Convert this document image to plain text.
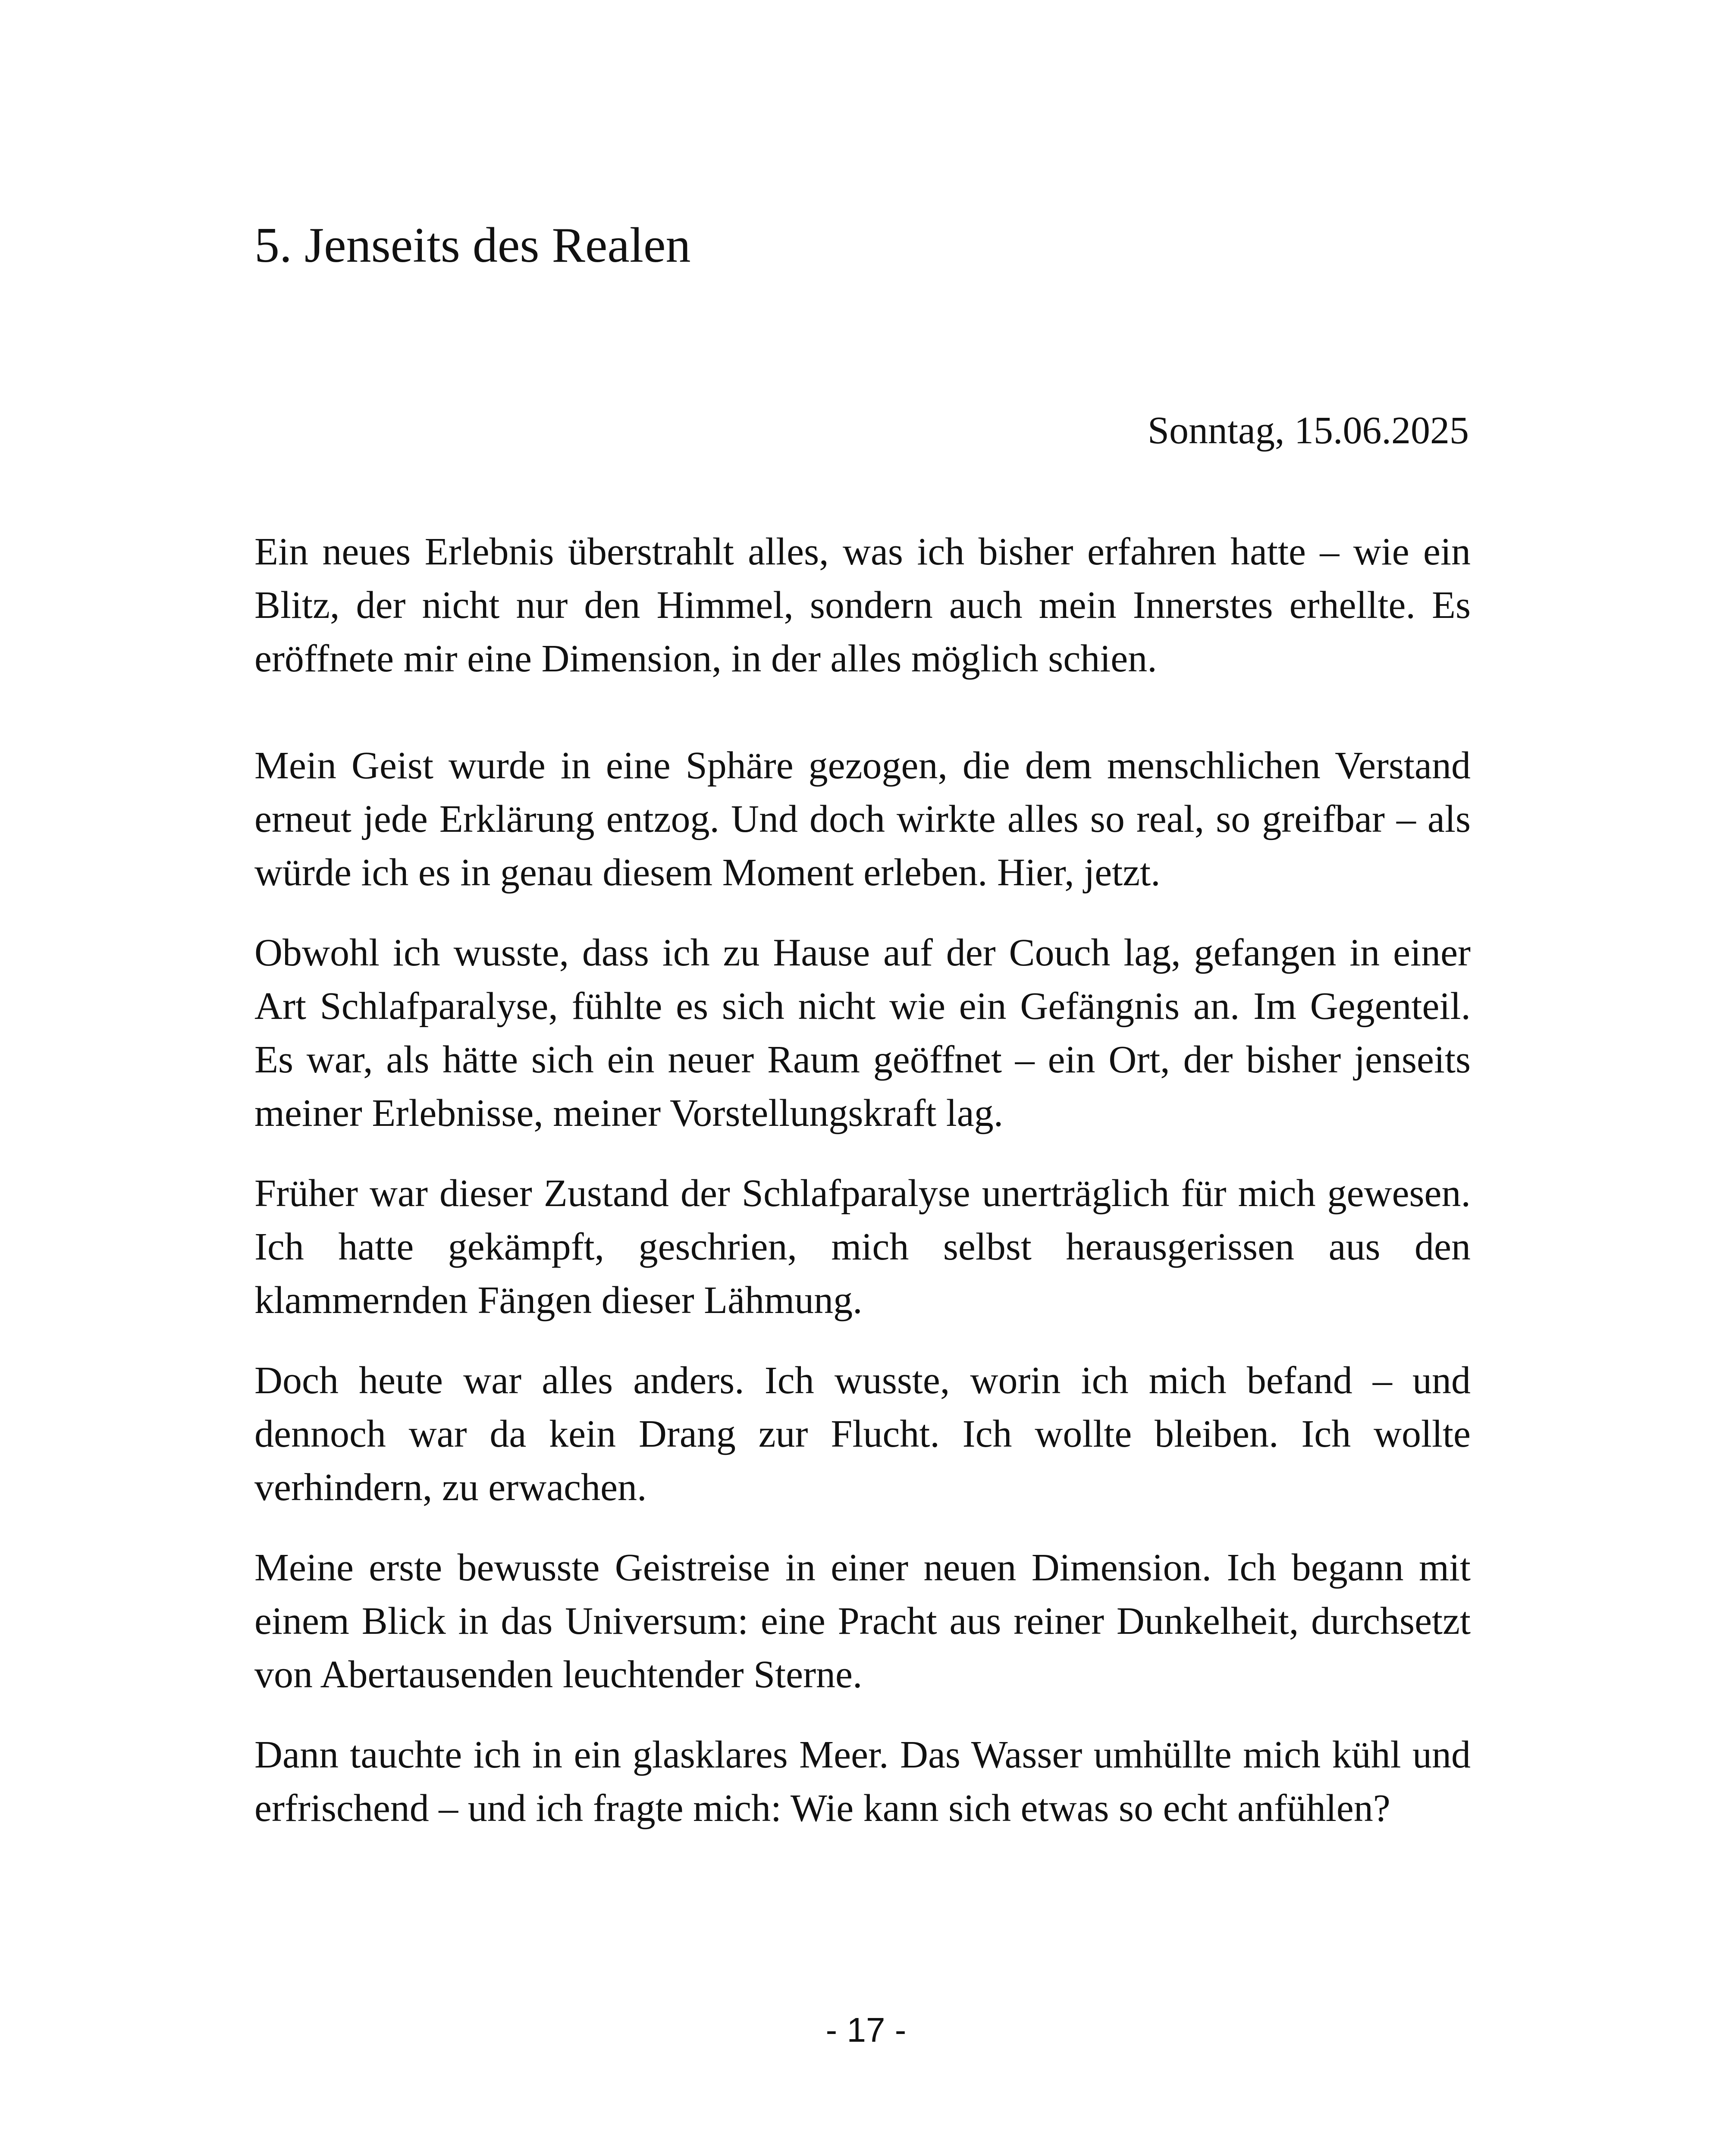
5. Jenseits des Realen

Sonntag, 15.06.2025

Ein neues Erlebnis überstrahlt alles, was ich bisher erfahren hatte – wie ein Blitz, der nicht nur den Himmel, sondern auch mein Innerstes erhellte. Es eröffnete mir eine Dimension, in der alles möglich schien.

Mein Geist wurde in eine Sphäre gezogen, die dem menschlichen Verstand erneut jede Erklärung entzog. Und doch wirkte alles so real, so greifbar – als würde ich es in genau diesem Moment erleben. Hier, jetzt.

Obwohl ich wusste, dass ich zu Hause auf der Couch lag, gefangen in einer Art Schlafparalyse, fühlte es sich nicht wie ein Gefängnis an. Im Gegenteil. Es war, als hätte sich ein neuer Raum geöffnet – ein Ort, der bisher jenseits meiner Erlebnisse, meiner Vorstellungskraft lag.

Früher war dieser Zustand der Schlafparalyse unerträglich für mich gewesen. Ich hatte gekämpft, geschrien, mich selbst herausgerissen aus den klammernden Fängen dieser Lähmung.

Doch heute war alles anders. Ich wusste, worin ich mich befand – und dennoch war da kein Drang zur Flucht. Ich wollte bleiben. Ich wollte verhindern, zu erwachen.

Meine erste bewusste Geistreise in einer neuen Dimension. Ich begann mit einem Blick in das Universum: eine Pracht aus reiner Dunkelheit, durchsetzt von Abertausenden leuchtender Sterne.

Dann tauchte ich in ein glasklares Meer. Das Wasser umhüllte mich kühl und erfrischend – und ich fragte mich: Wie kann sich etwas so echt anfühlen?

- 17 -
